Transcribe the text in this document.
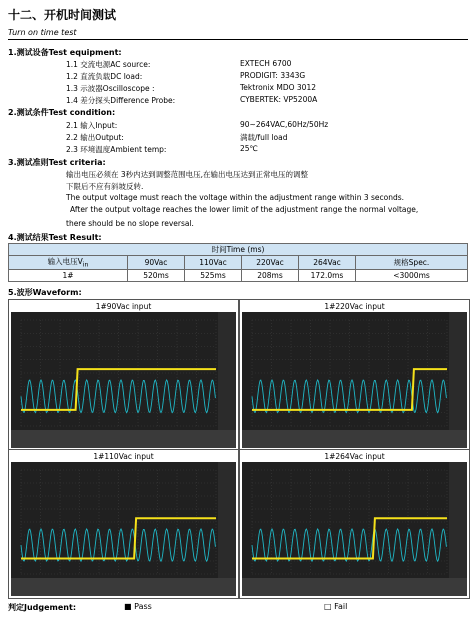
十二、开机时间测试
Turn on time test
1.测试设备Test equipment:
1.1 交流电源AC source:	EXTECH 6700
1.2 直流负载DC load:	PRODIGIT: 3343G
1.3 示波器Oscilloscope :	Tektronix MDO 3012
1.4 差分探头Difference Probe:	CYBERTEK: VP5200A
2.测试条件Test condition:
2.1 输入Input:	90~264VAC,60Hz/50Hz
2.2 输出Output:	满载/full load
2.3 环境温度Ambient temp:	25℃
3.测试准则Test criteria:
输出电压必须在 3秒内达到调整范围电压,在输出电压达到正常电压的调整
下限后不应有斜坡反转.
The output voltage must reach the voltage within the adjustment range within 3 seconds.
After the output voltage reaches the lower limit of the adjustment range the normal voltage,
there should be no slope reversal.
4.测试结果Test Result:
时间Time (ms)					
输入电压$V_{in}$	90Vac	110Vac	220Vac	264Vac	规格Spec.
1#	520ms	525ms	208ms	172.0ms	<3000ms
5.波形Waveform:
1#90Vac input	1#220Vac input
1#110Vac input	1#264Vac input
判定Judgement:	■ Pass	□ Fail
